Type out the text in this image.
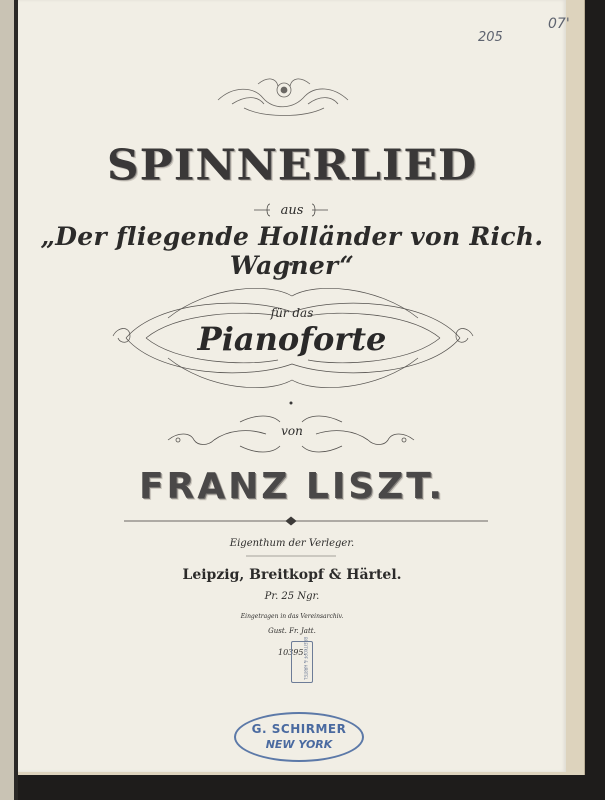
205
07'
SPINNERLIED
aus
„Der fliegende Holländer von Rich. Wagner“
für das
Pianoforte
von
FRANZ LISZT.
Eigenthum der Verleger.
Leipzig, Breitkopf & Härtel.
Pr. 25 Ngr.
Eingetragen in das Vereinsarchiv.
Gust. Fr. Jatt.
10395.
BREITKOPF & HÄRTEL
G. SCHIRMER
NEW YORK
